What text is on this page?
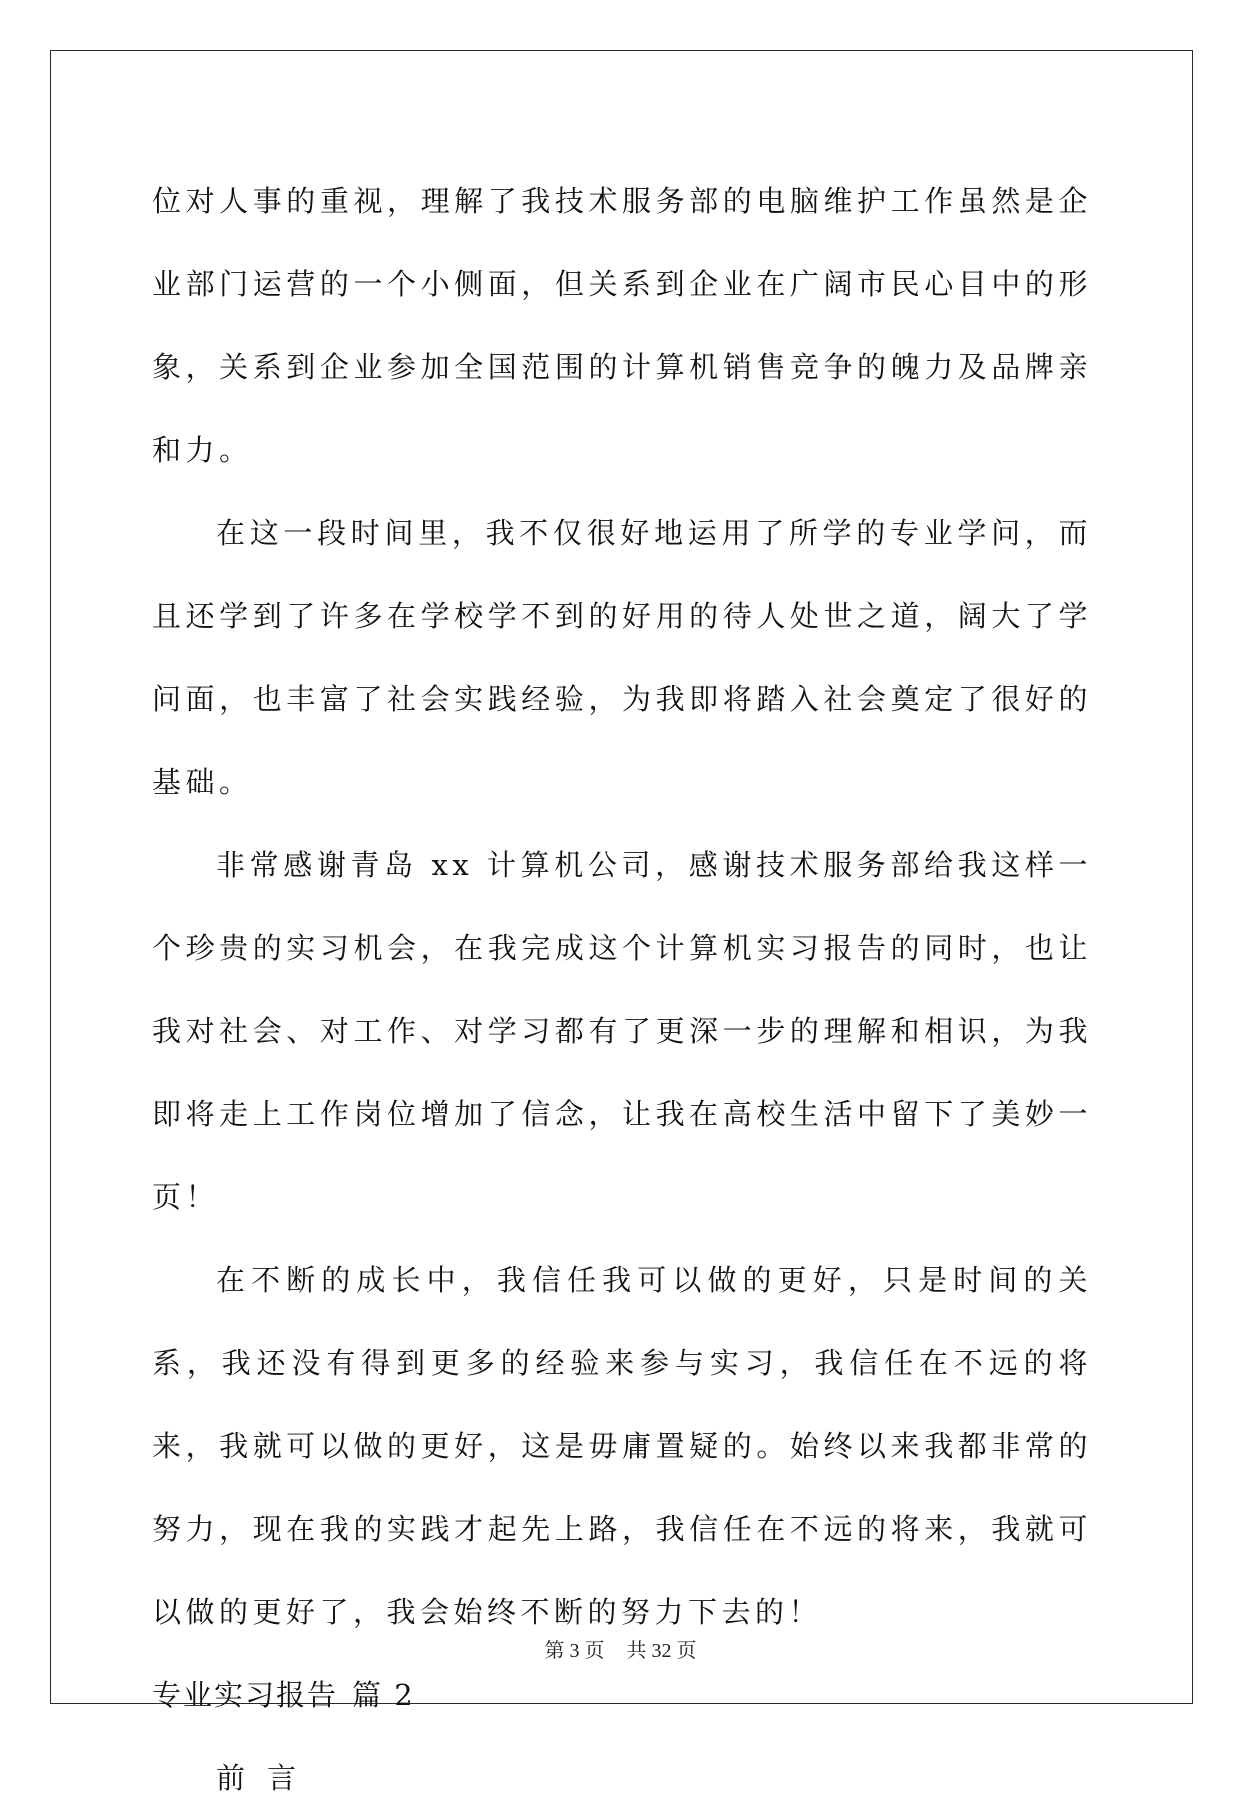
位对人事的重视，理解了我技术服务部的电脑维护工作虽然是企业部门运营的一个小侧面，但关系到企业在广阔市民心目中的形象，关系到企业参加全国范围的计算机销售竞争的魄力及品牌亲和力。

在这一段时间里，我不仅很好地运用了所学的专业学问，而且还学到了许多在学校学不到的好用的待人处世之道，阔大了学问面，也丰富了社会实践经验，为我即将踏入社会奠定了很好的基础。

非常感谢青岛 xx 计算机公司，感谢技术服务部给我这样一个珍贵的实习机会，在我完成这个计算机实习报告的同时，也让我对社会、对工作、对学习都有了更深一步的理解和相识，为我即将走上工作岗位增加了信念，让我在高校生活中留下了美妙一页！

在不断的成长中，我信任我可以做的更好，只是时间的关系，我还没有得到更多的经验来参与实习，我信任在不远的将来，我就可以做的更好，这是毋庸置疑的。始终以来我都非常的努力，现在我的实践才起先上路，我信任在不远的将来，我就可以做的更好了，我会始终不断的努力下去的！

专业实习报告 篇 2

前言

第 3 页 共 32 页
